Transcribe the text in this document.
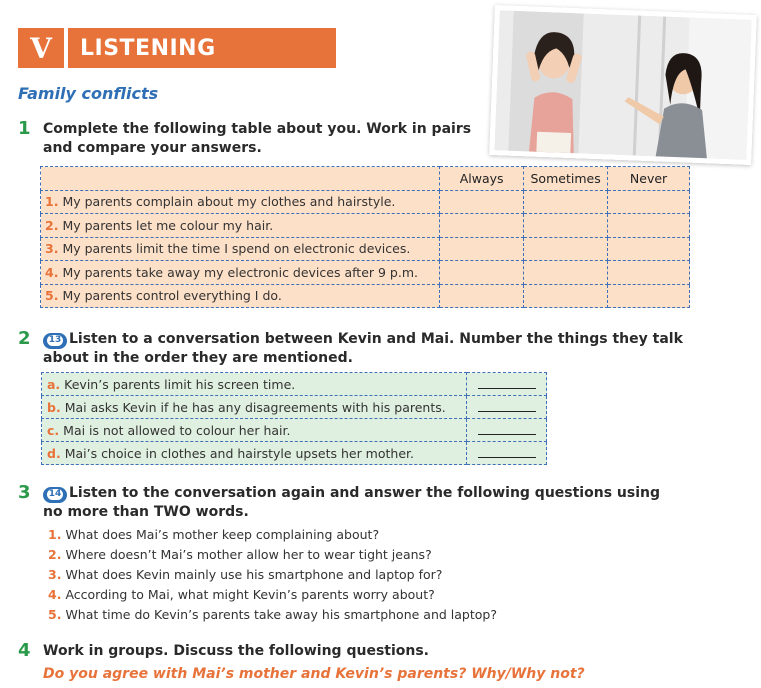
V	LISTENING
Family conflicts
1 Complete the following table about you. Work in pairs
and compare your answers.
	Always	Sometimes	Never
1. My parents complain about my clothes and hairstyle.			
2. My parents let me colour my hair.			
3. My parents limit the time I spend on electronic devices.			
4. My parents take away my electronic devices after 9 p.m.			
5. My parents control everything I do.			
2 13 Listen to a conversation between Kevin and Mai. Number the things they talk
about in the order they are mentioned.
a. Kevin’s parents limit his screen time.	
b. Mai asks Kevin if he has any disagreements with his parents.	
c. Mai is not allowed to colour her hair.	
d. Mai’s choice in clothes and hairstyle upsets her mother.	
3 14 Listen to the conversation again and answer the following questions using
no more than TWO words.
1. What does Mai’s mother keep complaining about?
2. Where doesn’t Mai’s mother allow her to wear tight jeans?
3. What does Kevin mainly use his smartphone and laptop for?
4. According to Mai, what might Kevin’s parents worry about?
5. What time do Kevin’s parents take away his smartphone and laptop?
4 Work in groups. Discuss the following questions.
Do you agree with Mai’s mother and Kevin’s parents? Why/Why not?
